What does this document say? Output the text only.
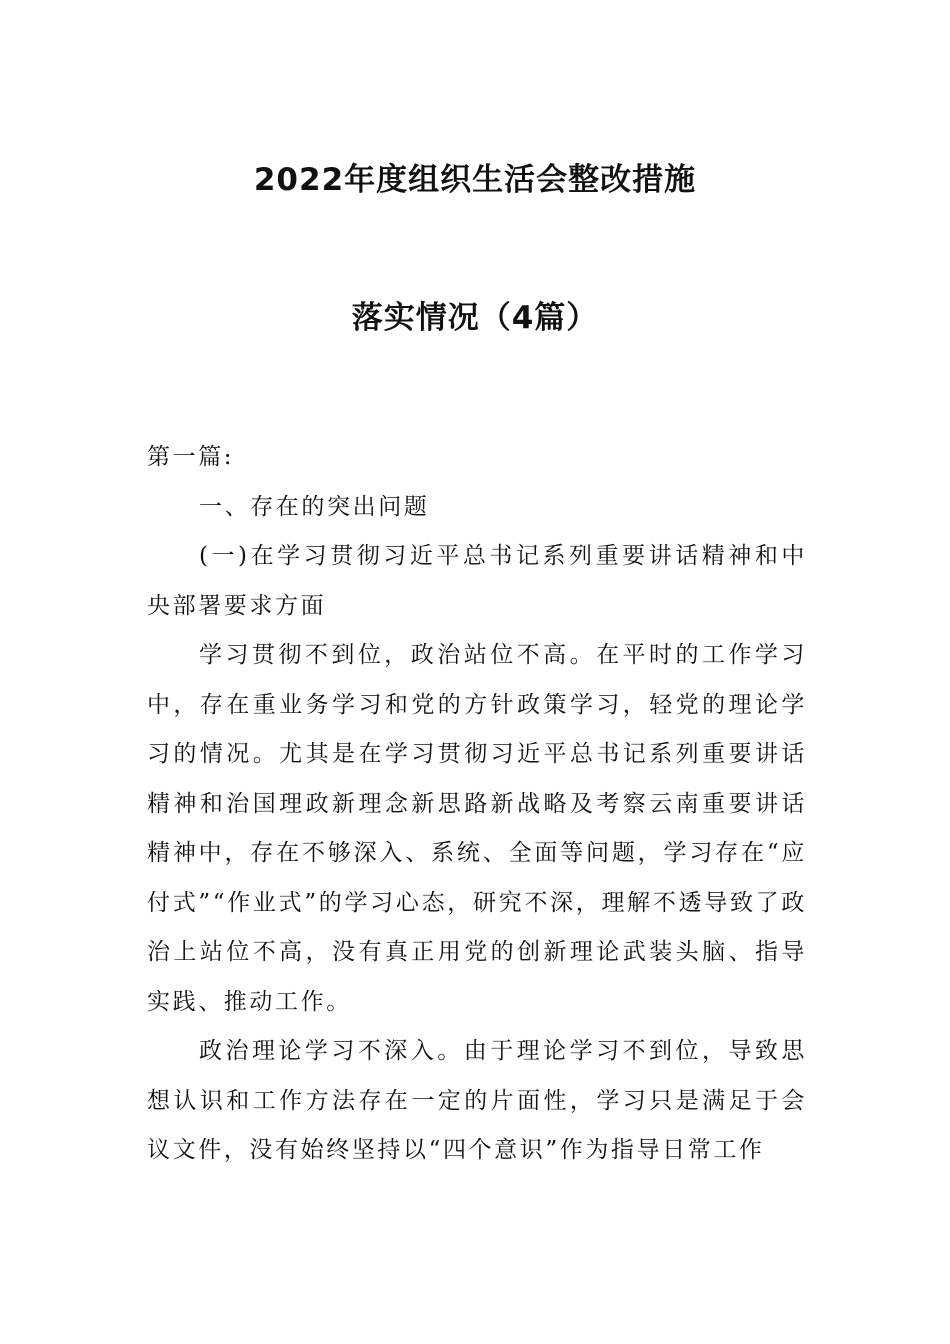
2022年度组织生活会整改措施
落实情况（4篇）

第一篇:

一、存在的突出问题

(一)在学习贯彻习近平总书记系列重要讲话精神和中央部署要求方面

学习贯彻不到位，政治站位不高。在平时的工作学习中，存在重业务学习和党的方针政策学习，轻党的理论学习的情况。尤其是在学习贯彻习近平总书记系列重要讲话精神和治国理政新理念新思路新战略及考察云南重要讲话精神中，存在不够深入、系统、全面等问题，学习存在“应付式”“作业式”的学习心态，研究不深，理解不透导致了政治上站位不高，没有真正用党的创新理论武装头脑、指导实践、推动工作。

政治理论学习不深入。由于理论学习不到位，导致思想认识和工作方法存在一定的片面性，学习只是满足于会议文件，没有始终坚持以“四个意识”作为指导日常工作
